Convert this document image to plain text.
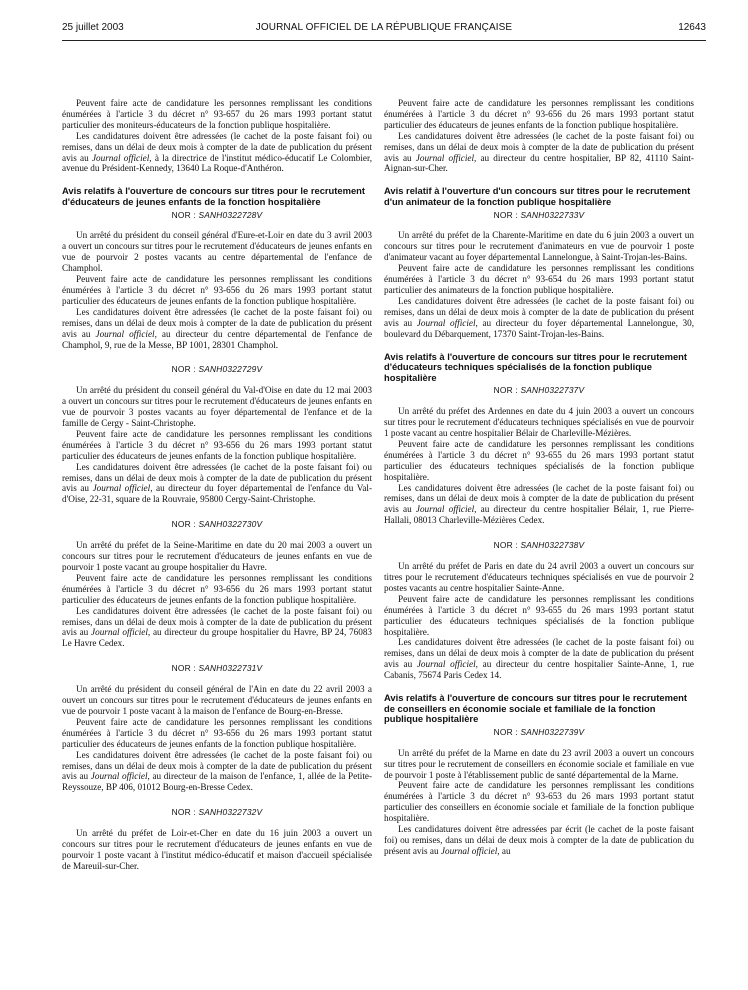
25 juillet 2003	JOURNAL OFFICIEL DE LA RÉPUBLIQUE FRANÇAISE	12643

Peuvent faire acte de candidature les personnes remplissant les conditions énumérées à l'article 3 du décret n° 93-657 du 26 mars 1993 portant statut particulier des moniteurs-éducateurs de la fonction publique hospitalière.

Les candidatures doivent être adressées (le cachet de la poste faisant foi) ou remises, dans un délai de deux mois à compter de la date de publication du présent avis au Journal officiel, à la directrice de l'institut médico-éducatif Le Colombier, avenue du Président-Kennedy, 13640 La Roque-d'Anthéron.

Avis relatifs à l'ouverture de concours sur titres pour le recrutement d'éducateurs de jeunes enfants de la fonction hospitalière
NOR : SANH0322728V

Un arrêté du président du conseil général d'Eure-et-Loir en date du 3 avril 2003 a ouvert un concours sur titres pour le recrutement d'éducateurs de jeunes enfants en vue de pourvoir 2 postes vacants au centre départemental de l'enfance de Champhol.

Peuvent faire acte de candidature les personnes remplissant les conditions énumérées à l'article 3 du décret n° 93-656 du 26 mars 1993 portant statut particulier des éducateurs de jeunes enfants de la fonction publique hospitalière.

Les candidatures doivent être adressées (le cachet de la poste faisant foi) ou remises, dans un délai de deux mois à compter de la date de publication du présent avis au Journal officiel, au directeur du centre départemental de l'enfance de Champhol, 9, rue de la Messe, BP 1001, 28301 Champhol.

NOR : SANH0322729V

Un arrêté du président du conseil général du Val-d'Oise en date du 12 mai 2003 a ouvert un concours sur titres pour le recrutement d'éducateurs de jeunes enfants en vue de pourvoir 3 postes vacants au foyer départemental de l'enfance et de la famille de Cergy - Saint-Christophe.

Peuvent faire acte de candidature les personnes remplissant les conditions énumérées à l'article 3 du décret n° 93-656 du 26 mars 1993 portant statut particulier des éducateurs de jeunes enfants de la fonction publique hospitalière.

Les candidatures doivent être adressées (le cachet de la poste faisant foi) ou remises, dans un délai de deux mois à compter de la date de publication du présent avis au Journal officiel, au directeur du foyer départemental de l'enfance du Val-d'Oise, 22-31, square de la Rouvraie, 95800 Cergy-Saint-Christophe.

NOR : SANH0322730V

Un arrêté du préfet de la Seine-Maritime en date du 20 mai 2003 a ouvert un concours sur titres pour le recrutement d'éducateurs de jeunes enfants en vue de pourvoir 1 poste vacant au groupe hospitalier du Havre.

Peuvent faire acte de candidature les personnes remplissant les conditions énumérées à l'article 3 du décret n° 93-656 du 26 mars 1993 portant statut particulier des éducateurs de jeunes enfants de la fonction publique hospitalière.

Les candidatures doivent être adressées (le cachet de la poste faisant foi) ou remises, dans un délai de deux mois à compter de la date de publication du présent avis au Journal officiel, au directeur du groupe hospitalier du Havre, BP 24, 76083 Le Havre Cedex.

NOR : SANH0322731V

Un arrêté du président du conseil général de l'Ain en date du 22 avril 2003 a ouvert un concours sur titres pour le recrutement d'éducateurs de jeunes enfants en vue de pourvoir 1 poste vacant à la maison de l'enfance de Bourg-en-Bresse.

Peuvent faire acte de candidature les personnes remplissant les conditions énumérées à l'article 3 du décret n° 93-656 du 26 mars 1993 portant statut particulier des éducateurs de jeunes enfants de la fonction publique hospitalière.

Les candidatures doivent être adressées (le cachet de la poste faisant foi) ou remises, dans un délai de deux mois à compter de la date de publication du présent avis au Journal officiel, au directeur de la maison de l'enfance, 1, allée de la Petite-Reyssouze, BP 406, 01012 Bourg-en-Bresse Cedex.

NOR : SANH0322732V

Un arrêté du préfet de Loir-et-Cher en date du 16 juin 2003 a ouvert un concours sur titres pour le recrutement d'éducateurs de jeunes enfants en vue de pourvoir 1 poste vacant à l'institut médico-éducatif et maison d'accueil spécialisée de Mareuil-sur-Cher.

Peuvent faire acte de candidature les personnes remplissant les conditions énumérées à l'article 3 du décret n° 93-656 du 26 mars 1993 portant statut particulier des éducateurs de jeunes enfants de la fonction publique hospitalière.

Les candidatures doivent être adressées (le cachet de la poste faisant foi) ou remises, dans un délai de deux mois à compter de la date de publication du présent avis au Journal officiel, au directeur du centre hospitalier, BP 82, 41110 Saint-Aignan-sur-Cher.

Avis relatif à l'ouverture d'un concours sur titres pour le recrutement d'un animateur de la fonction publique hospitalière
NOR : SANH0322733V

Un arrêté du préfet de la Charente-Maritime en date du 6 juin 2003 a ouvert un concours sur titres pour le recrutement d'animateurs en vue de pourvoir 1 poste d'animateur vacant au foyer départemental Lannelongue, à Saint-Trojan-les-Bains.

Peuvent faire acte de candidature les personnes remplissant les conditions énumérées à l'article 3 du décret n° 93-654 du 26 mars 1993 portant statut particulier des animateurs de la fonction publique hospitalière.

Les candidatures doivent être adressées (le cachet de la poste faisant foi) ou remises, dans un délai de deux mois à compter de la date de publication du présent avis au Journal officiel, au directeur du foyer départemental Lannelongue, 30, boulevard du Débarquement, 17370 Saint-Trojan-les-Bains.

Avis relatifs à l'ouverture de concours sur titres pour le recrutement d'éducateurs techniques spécialisés de la fonction publique hospitalière
NOR : SANH0322737V

Un arrêté du préfet des Ardennes en date du 4 juin 2003 a ouvert un concours sur titres pour le recrutement d'éducateurs techniques spécialisés en vue de pourvoir 1 poste vacant au centre hospitalier Bélair de Charleville-Mézières.

Peuvent faire acte de candidature les personnes remplissant les conditions énumérées à l'article 3 du décret n° 93-655 du 26 mars 1993 portant statut particulier des éducateurs techniques spécialisés de la fonction publique hospitalière.

Les candidatures doivent être adressées (le cachet de la poste faisant foi) ou remises, dans un délai de deux mois à compter de la date de publication du présent avis au Journal officiel, au directeur du centre hospitalier Bélair, 1, rue Pierre-Hallali, 08013 Charleville-Mézières Cedex.

NOR : SANH0322738V

Un arrêté du préfet de Paris en date du 24 avril 2003 a ouvert un concours sur titres pour le recrutement d'éducateurs techniques spécialisés en vue de pourvoir 2 postes vacants au centre hospitalier Sainte-Anne.

Peuvent faire acte de candidature les personnes remplissant les conditions énumérées à l'article 3 du décret n° 93-655 du 26 mars 1993 portant statut particulier des éducateurs techniques spécialisés de la fonction publique hospitalière.

Les candidatures doivent être adressées (le cachet de la poste faisant foi) ou remises, dans un délai de deux mois à compter de la date de publication du présent avis au Journal officiel, au directeur du centre hospitalier Sainte-Anne, 1, rue Cabanis, 75674 Paris Cedex 14.

Avis relatifs à l'ouverture de concours sur titres pour le recrutement de conseillers en économie sociale et familiale de la fonction publique hospitalière
NOR : SANH0322739V

Un arrêté du préfet de la Marne en date du 23 avril 2003 a ouvert un concours sur titres pour le recrutement de conseillers en économie sociale et familiale en vue de pourvoir 1 poste à l'établissement public de santé départemental de la Marne.

Peuvent faire acte de candidature les personnes remplissant les conditions énumérées à l'article 3 du décret n° 93-653 du 26 mars 1993 portant statut particulier des conseillers en économie sociale et familiale de la fonction publique hospitalière.

Les candidatures doivent être adressées par écrit (le cachet de la poste faisant foi) ou remises, dans un délai de deux mois à compter de la date de publication du présent avis au Journal officiel, au
